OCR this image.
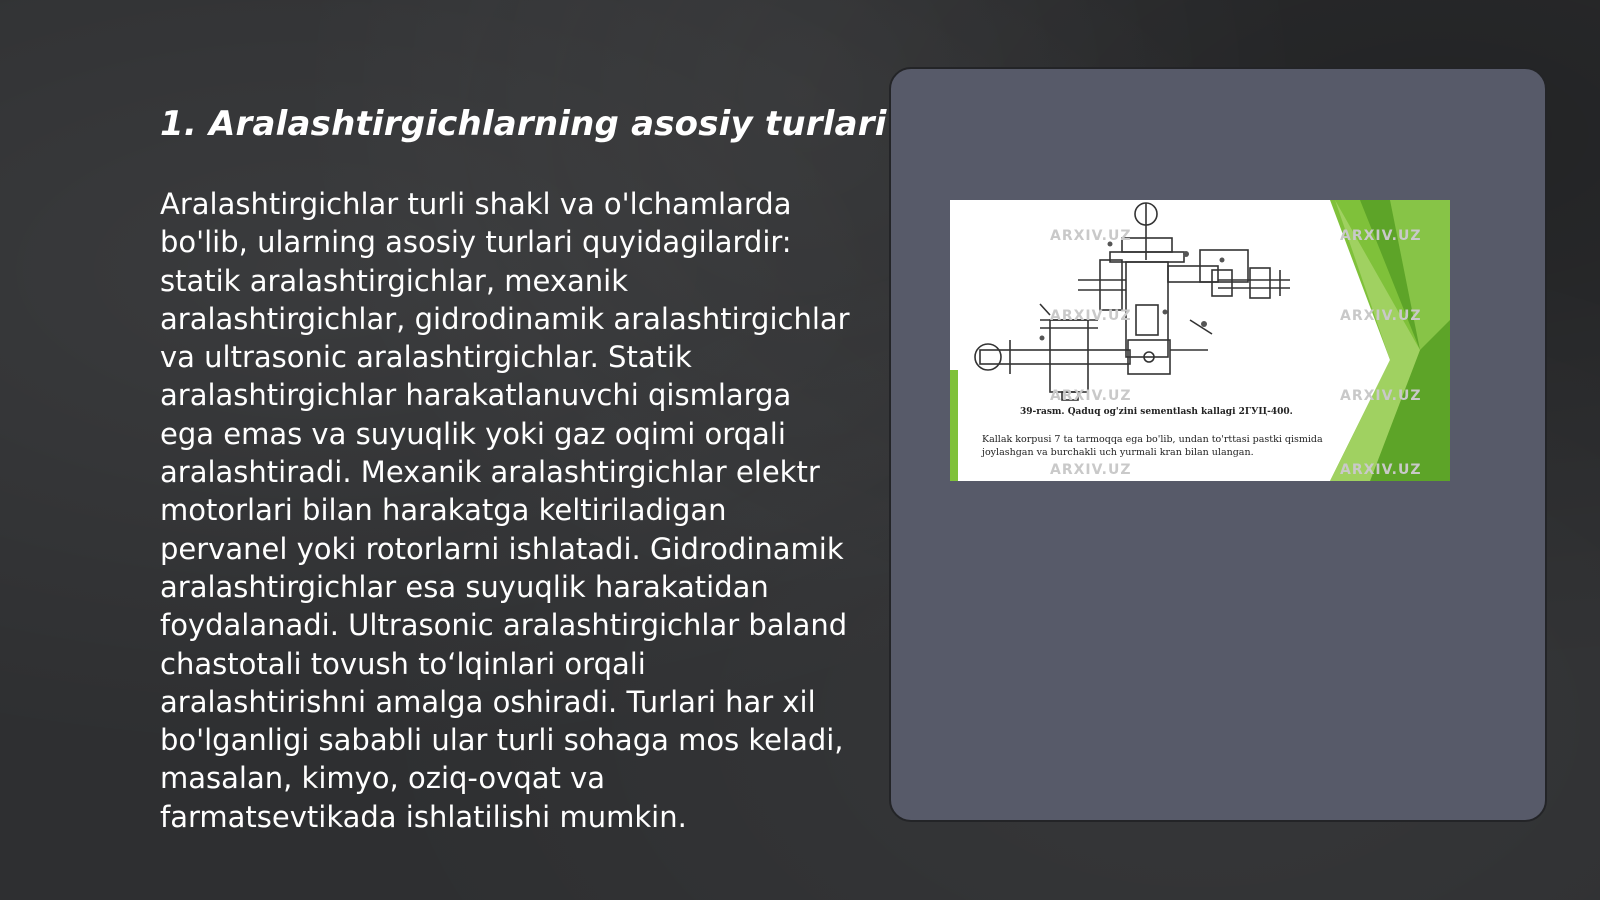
1. Aralashtirgichlarning asosiy turlari

Aralashtirgichlar turli shakl va o'lchamlarda bo'lib, ularning asosiy turlari quyidagilardir: statik aralashtirgichlar, mexanik aralashtirgichlar, gidrodinamik aralashtirgichlar va ultrasonic aralashtirgichlar. Statik aralashtirgichlar harakatlanuvchi qismlarga ega emas va suyuqlik yoki gaz oqimi orqali aralashtiradi. Mexanik aralashtirgichlar elektr motorlari bilan harakatga keltiriladigan pervanel yoki rotorlarni ishlatadi. Gidrodinamik aralashtirgichlar esa suyuqlik harakatidan foydalanadi. Ultrasonic aralashtirgichlar baland chastotali tovush to‘lqinlari orqali aralashtirishni amalga oshiradi. Turlari har xil bo'lganligi sababli ular turli sohaga mos keladi, masalan, kimyo, oziq-ovqat va farmatsevtikada ishlatilishi mumkin.

ARXIV.UZ	ARXIV.UZ
ARXIV.UZ	ARXIV.UZ
ARXIV.UZ	ARXIV.UZ
ARXIV.UZ	ARXIV.UZ
39-rasm. Qaduq og'zini sementlash kallagi 2ГУЦ-400.
Kallak korpusi 7 ta tarmoqqa ega bo'lib, undan to'rttasi pastki qismida joylashgan va burchakli uch yurmali kran bilan ulangan.
